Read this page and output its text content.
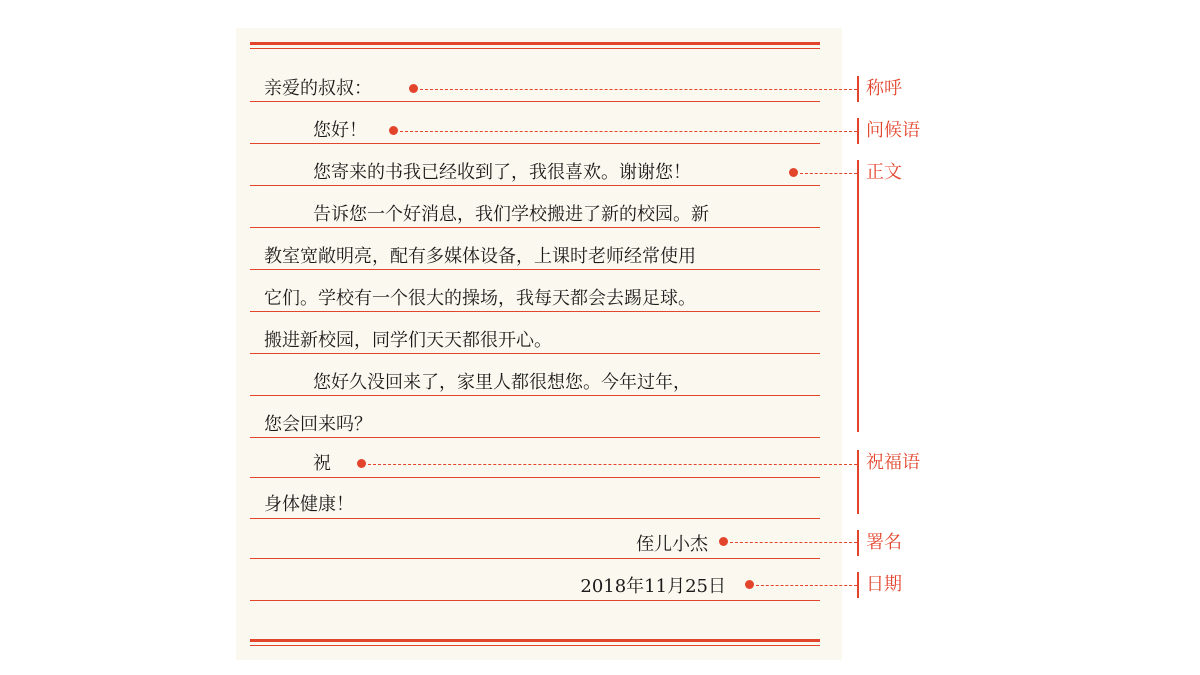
亲爱的叔叔：
您好！
您寄来的书我已经收到了，我很喜欢。谢谢您！
告诉您一个好消息，我们学校搬进了新的校园。新
教室宽敞明亮，配有多媒体设备，上课时老师经常使用
它们。学校有一个很大的操场，我每天都会去踢足球。
搬进新校园，同学们天天都很开心。
您好久没回来了，家里人都很想您。今年过年，
您会回来吗？
祝
身体健康！
侄儿小杰
2018年11月25日
称呼
问候语
正文
祝福语
署名
日期
